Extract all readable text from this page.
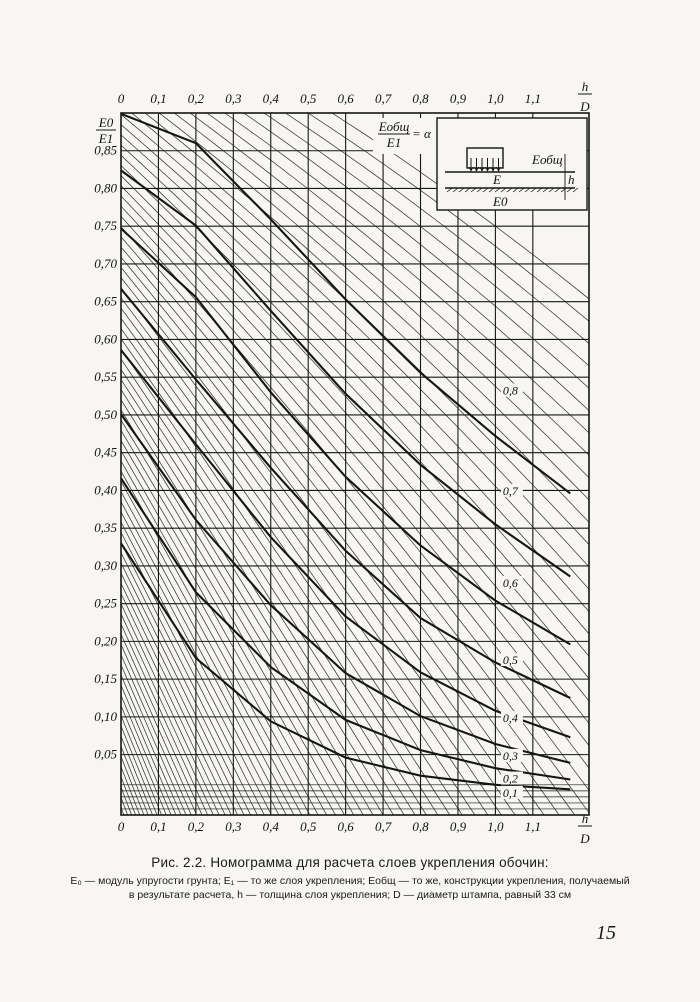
0
0
0,1
0,1
0,2
0,2
0,3
0,3
0,4
0,4
0,5
0,5
0,6
0,6
0,7
0,7
0,8
0,8
0,9
0,9
1,0
1,0
1,1
1,1
h
D
h
D
0,05
0,10
0,15
0,20
0,25
0,30
0,35
0,40
0,45
0,50
0,55
0,60
0,65
0,70
0,75
0,80
0,85
E0
E1
0,8
0,7
0,6
0,5
0,4
0,3
0,2
0,1
Eобщ
E1
= α
Eобщ
E
E0
h

Рис. 2.2. Номограмма для расчета слоев укрепления обочин:

E₀ — модуль упругости грунта; E₁ — то же слоя укрепления; Eобщ — то же, конструкции укрепления, получаемый в результате расчета, h — толщина слоя укрепления; D — диаметр штампа, равный 33 см

15
